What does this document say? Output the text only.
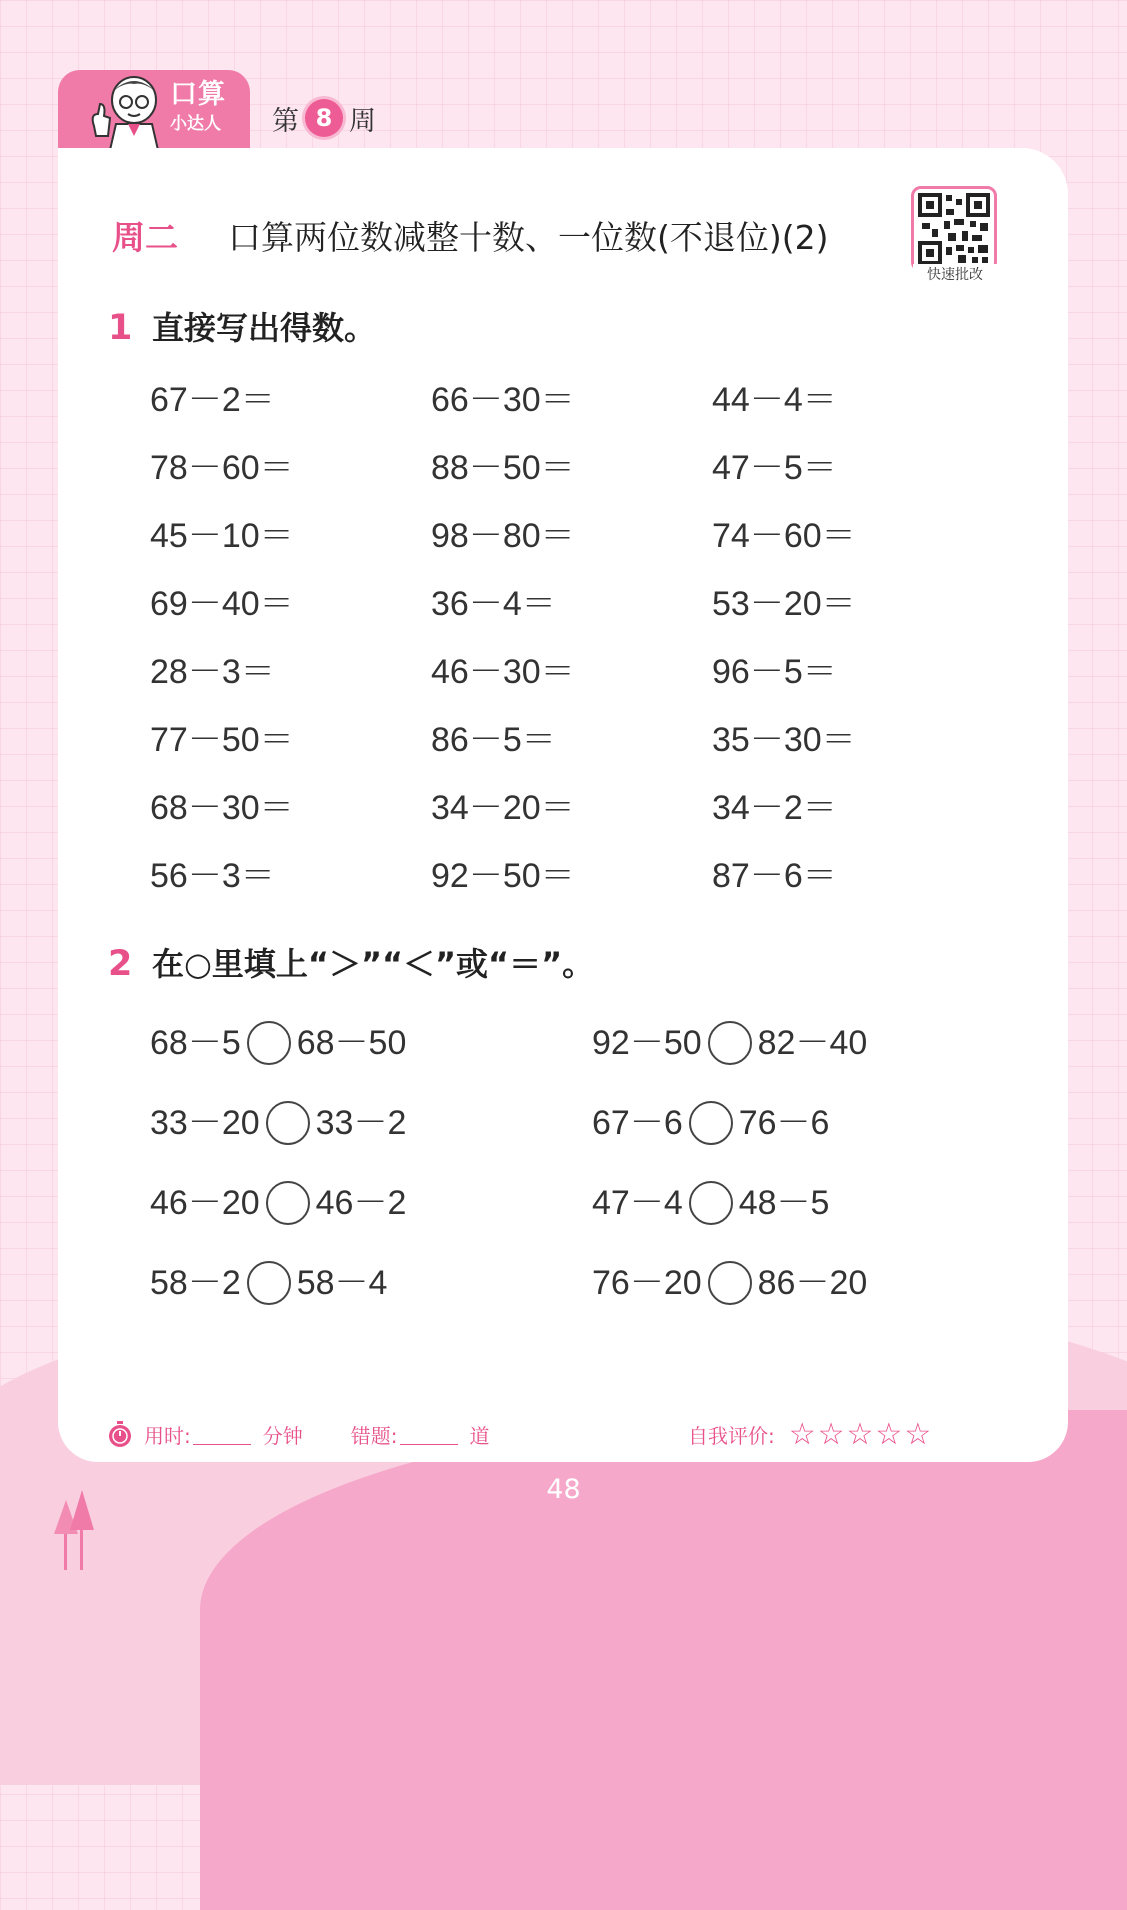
口算
小达人 第 8 周
周二 口算两位数减整十数、一位数(不退位)(2)
快速批改
1 直接写出得数。
67－2＝	66－30＝	44－4＝
78－60＝	88－50＝	47－5＝
45－10＝	98－80＝	74－60＝
69－40＝	36－4＝	53－20＝
28－3＝	46－30＝	96－5＝
77－50＝	86－5＝	35－30＝
68－30＝	34－20＝	34－2＝
56－3＝	92－50＝	87－6＝
2 在○里填上“＞”“＜”或“＝”。
68－5 68－50	92－50 82－40
33－20 33－2	67－6 76－6
46－20 46－2	47－4 48－5
58－2 58－4	76－20 86－20
用时:	分钟 错题:	道	自我评价: ☆☆☆☆☆
48
